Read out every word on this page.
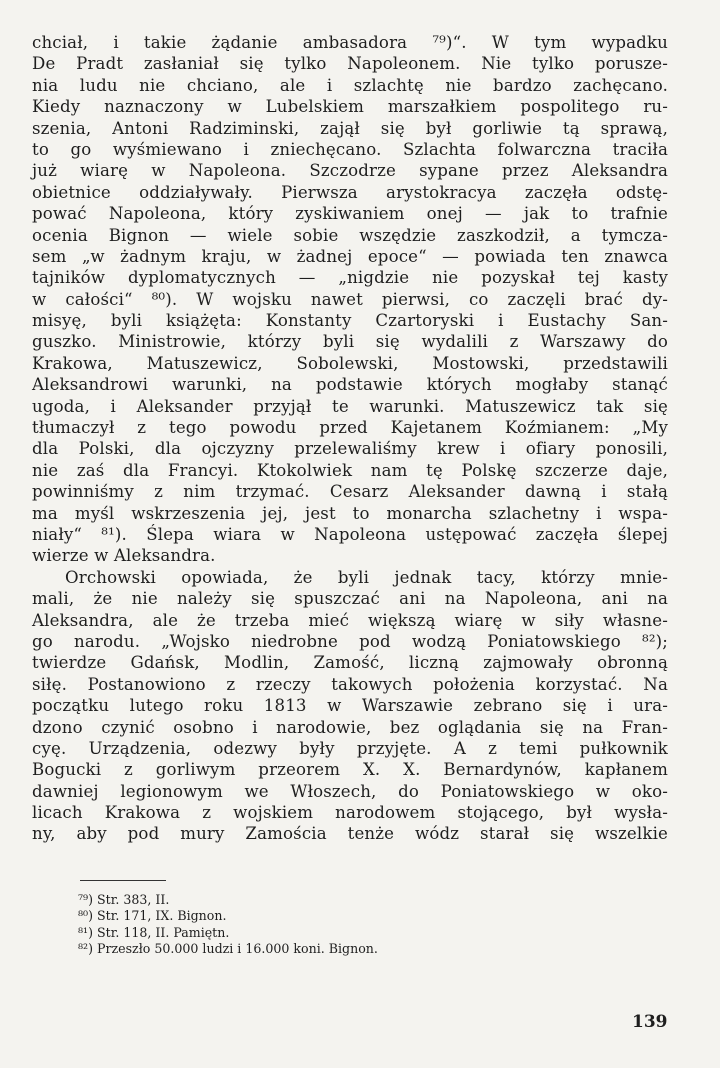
chciał, i takie żądanie ambasadora ⁷⁹)“. W tym wypadku
De Pradt zasłaniał się tylko Napoleonem. Nie tylko porusze-
nia ludu nie chciano, ale i szlachtę nie bardzo zachęcano.
Kiedy naznaczony w Lubelskiem marszałkiem pospolitego ru-
szenia, Antoni Radziminski, zajął się był gorliwie tą sprawą,
to go wyśmiewano i zniechęcano. Szlachta folwarczna traciła
już wiarę w Napoleona. Szczodrze sypane przez Aleksandra
obietnice oddziaływały. Pierwsza arystokracya zaczęła odstę-
pować Napoleona, który zyskiwaniem onej — jak to trafnie
ocenia Bignon — wiele sobie wszędzie zaszkodził, a tymcza-
sem „w żadnym kraju, w żadnej epoce“ — powiada ten znawca
tajników dyplomatycznych — „nigdzie nie pozyskał tej kasty
w całości“ ⁸⁰). W wojsku nawet pierwsi, co zaczęli brać dy-
misyę, byli książęta: Konstanty Czartoryski i Eustachy San-
guszko. Ministrowie, którzy byli się wydalili z Warszawy do
Krakowa, Matuszewicz, Sobolewski, Mostowski, przedstawili
Aleksandrowi warunki, na podstawie których mogłaby stanąć
ugoda, i Aleksander przyjął te warunki. Matuszewicz tak się
tłumaczył z tego powodu przed Kajetanem Koźmianem: „My
dla Polski, dla ojczyzny przelewaliśmy krew i ofiary ponosili,
nie zaś dla Francyi. Ktokolwiek nam tę Polskę szczerze daje,
powinniśmy z nim trzymać. Cesarz Aleksander dawną i stałą
ma myśl wskrzeszenia jej, jest to monarcha szlachetny i wspa-
niały“ ⁸¹). Ślepa wiara w Napoleona ustępować zaczęła ślepej
wierze w Aleksandra.
Orchowski opowiada, że byli jednak tacy, którzy mnie-
mali, że nie należy się spuszczać ani na Napoleona, ani na
Aleksandra, ale że trzeba mieć większą wiarę w siły własne-
go narodu. „Wojsko niedrobne pod wodzą Poniatowskiego ⁸²);
twierdze Gdańsk, Modlin, Zamość, liczną zajmowały obronną
siłę. Postanowiono z rzeczy takowych położenia korzystać. Na
początku lutego roku 1813 w Warszawie zebrano się i ura-
dzono czynić osobno i narodowie, bez oglądania się na Fran-
cyę. Urządzenia, odezwy były przyjęte. A z temi pułkownik
Bogucki z gorliwym przeorem X. X. Bernardynów, kapłanem
dawniej legionowym we Włoszech, do Poniatowskiego w oko-
licach Krakowa z wojskiem narodowem stojącego, był wysła-
ny, aby pod mury Zamościa tenże wódz starał się wszelkie
⁷⁹) Str. 383, II.
⁸⁰) Str. 171, IX. Bignon.
⁸¹) Str. 118, II. Pamiętn.
⁸²) Przeszło 50.000 ludzi i 16.000 koni. Bignon.
139
